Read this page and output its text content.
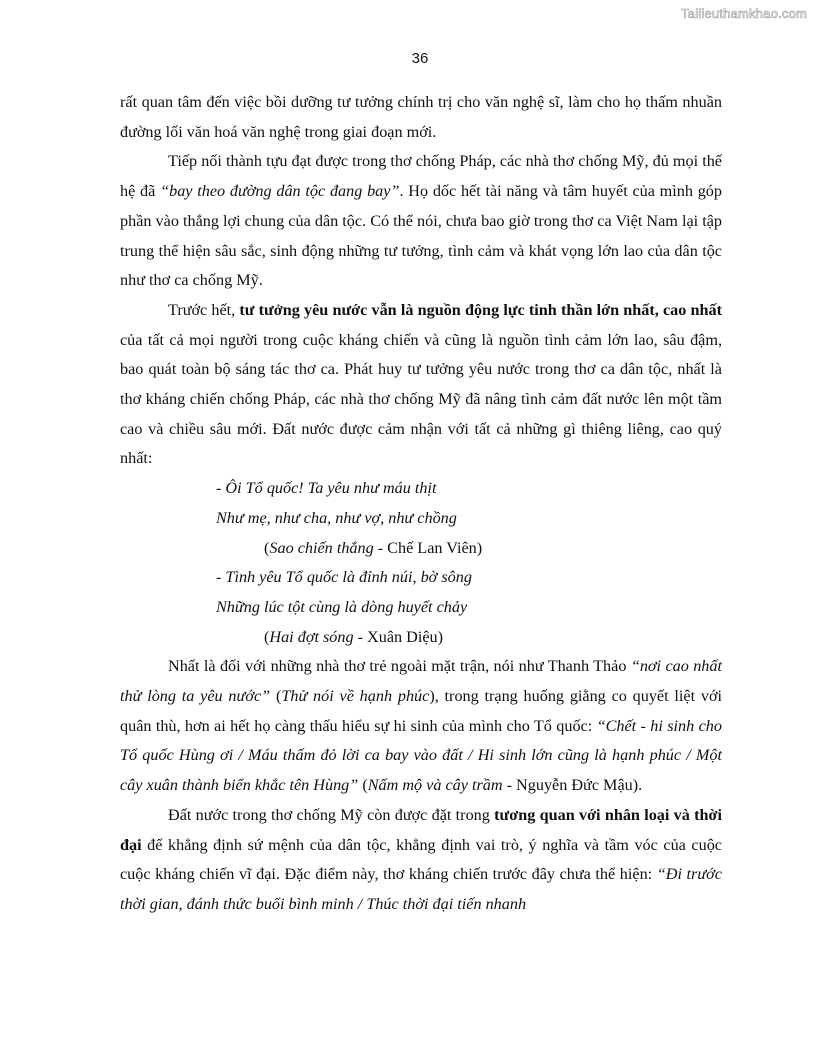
Tailieuthamkhao.com
36

rất quan tâm đến việc bồi dưỡng tư tưởng chính trị cho văn nghệ sĩ, làm cho họ thấm nhuần đường lối văn hoá văn nghệ trong giai đoạn mới.

Tiếp nối thành tựu đạt được trong thơ chống Pháp, các nhà thơ chống Mỹ, đủ mọi thế hệ đã “bay theo đường dân tộc đang bay”. Họ dốc hết tài năng và tâm huyết của mình góp phần vào thắng lợi chung của dân tộc. Có thể nói, chưa bao giờ trong thơ ca Việt Nam lại tập trung thể hiện sâu sắc, sinh động những tư tưởng, tình cảm và khát vọng lớn lao của dân tộc như thơ ca chống Mỹ.

Trước hết, tư tưởng yêu nước vẫn là nguồn động lực tinh thần lớn nhất, cao nhất của tất cả mọi người trong cuộc kháng chiến và cũng là nguồn tình cảm lớn lao, sâu đậm, bao quát toàn bộ sáng tác thơ ca. Phát huy tư tưởng yêu nước trong thơ ca dân tộc, nhất là thơ kháng chiến chống Pháp, các nhà thơ chống Mỹ đã nâng tình cảm đất nước lên một tầm cao và chiều sâu mới. Đất nước được cảm nhận với tất cả những gì thiêng liêng, cao quý nhất:

- Ôi Tổ quốc! Ta yêu như máu thịt

Như mẹ, như cha, như vợ, như chồng

(Sao chiến thắng - Chế Lan Viên)

- Tình yêu Tổ quốc là đỉnh núi, bờ sông

Những lúc tột cùng là dòng huyết chảy

(Hai đợt sóng - Xuân Diệu)

Nhất là đối với những nhà thơ trẻ ngoài mặt trận, nói như Thanh Thảo “nơi cao nhất thử lòng ta yêu nước” (Thử nói về hạnh phúc), trong trạng huống giằng co quyết liệt với quân thù, hơn ai hết họ càng thấu hiểu sự hi sinh của mình cho Tổ quốc: “Chết - hi sinh cho Tổ quốc Hùng ơi / Máu thấm đỏ lời ca bay vào đất / Hi sinh lớn cũng là hạnh phúc / Một cây xuân thành biển khắc tên Hùng” (Nấm mộ và cây trầm - Nguyễn Đức Mậu).

Đất nước trong thơ chống Mỹ còn được đặt trong tương quan với nhân loại và thời đại để khẳng định sứ mệnh của dân tộc, khẳng định vai trò, ý nghĩa và tầm vóc của cuộc cuộc kháng chiến vĩ đại. Đặc điểm này, thơ kháng chiến trước đây chưa thể hiện: “Đi trước thời gian, đánh thức buổi bình minh / Thúc thời đại tiến nhanh
